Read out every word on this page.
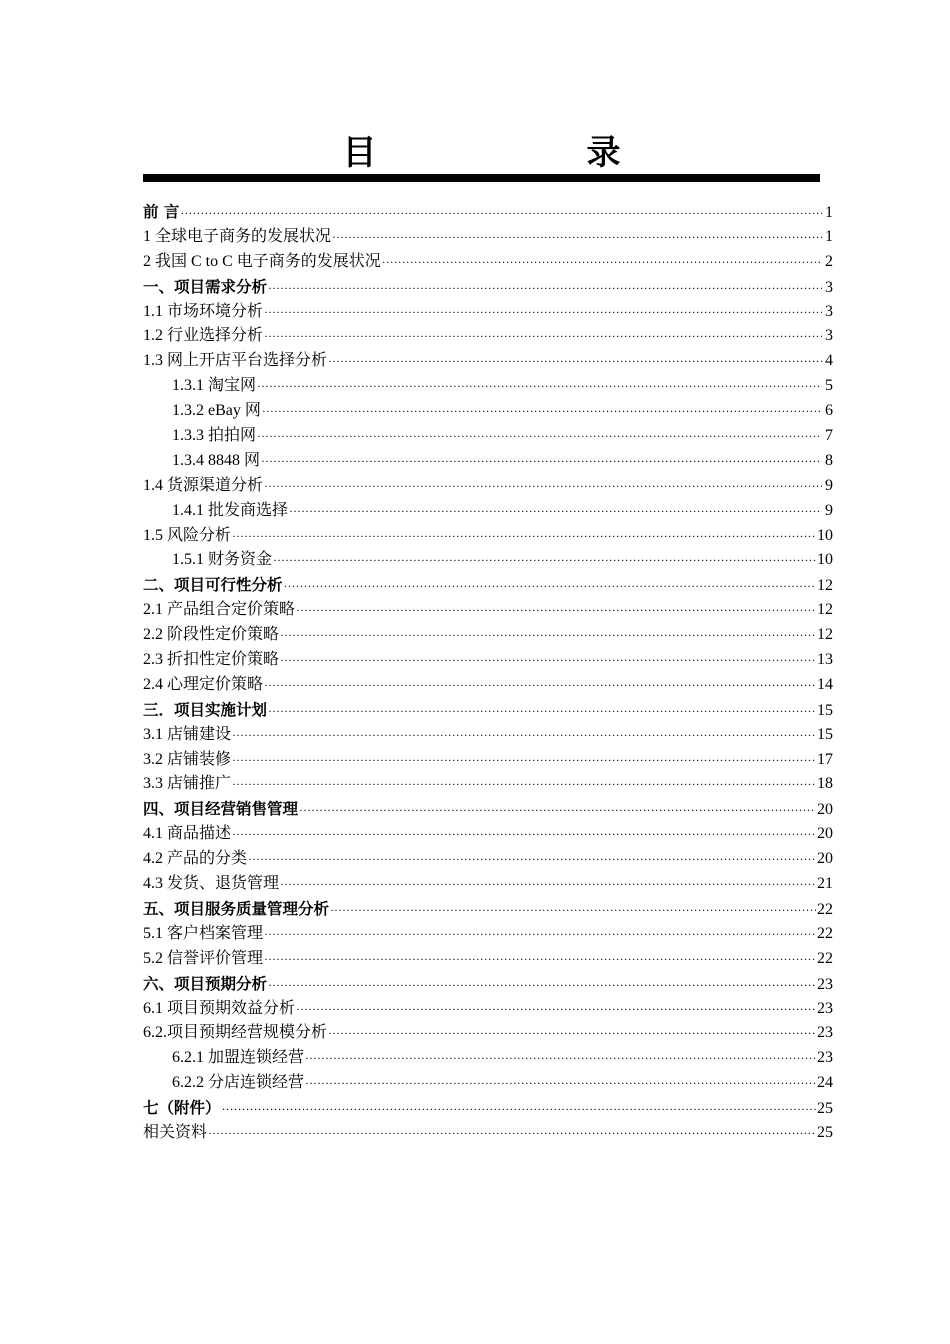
目　录
前 言 ·····	1
1 全球电子商务的发展状况 ·····	1
2 我国 C to C 电子商务的发展状况 ·····	2
一、项目需求分析 ·····	3
1.1 市场环境分析 ·····	3
1.2 行业选择分析 ·····	3
1.3 网上开店平台选择分析 ·····	4
1.3.1 淘宝网 ·····	5
1.3.2 eBay 网 ·····	6
1.3.3 拍拍网 ·····	7
1.3.4 8848 网 ·····	8
1.4 货源渠道分析 ·····	9
1.4.1 批发商选择 ·····	9
1.5 风险分析 ·····	10
1.5.1 财务资金 ·····	10
二、项目可行性分析 ·····	12
2.1 产品组合定价策略 ·····	12
2.2 阶段性定价策略 ·····	12
2.3 折扣性定价策略 ·····	13
2.4 心理定价策略 ·····	14
三．项目实施计划 ·····	15
3.1 店铺建设 ·····	15
3.2 店铺装修 ·····	17
3.3 店铺推广 ·····	18
四、项目经营销售管理 ·····	20
4.1 商品描述 ·····	20
4.2 产品的分类 ·····	20
4.3 发货、退货管理 ·····	21
五、项目服务质量管理分析 ·····	22
5.1 客户档案管理 ·····	22
5.2 信誉评价管理 ·····	22
六、项目预期分析 ·····	23
6.1 项目预期效益分析 ·····	23
6.2.项目预期经营规模分析 ·····	23
6.2.1 加盟连锁经营 ·····	23
6.2.2 分店连锁经营 ·····	24
七（附件） ·····	25
相关资料 ·····	25
